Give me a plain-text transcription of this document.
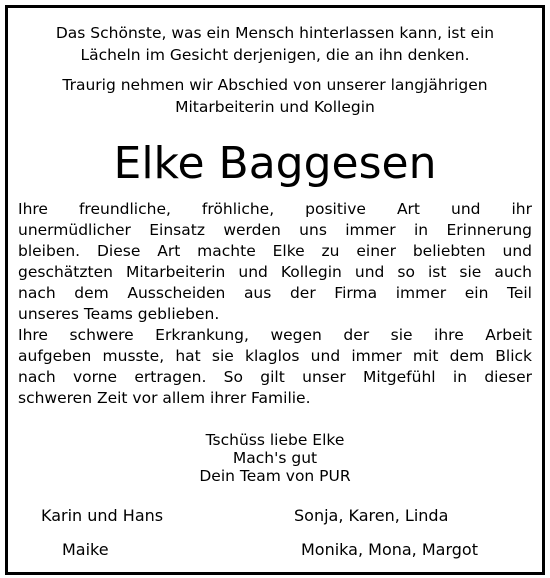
Das Schönste, was ein Mensch hinterlassen kann, ist ein
Lächeln im Gesicht derjenigen, die an ihn denken.
Traurig nehmen wir Abschied von unserer langjährigen
Mitarbeiterin und Kollegin
Elke Baggesen
Ihre freundliche, fröhliche, positive Art und ihr
unermüdlicher Einsatz werden uns immer in Erinnerung
bleiben. Diese Art machte Elke zu einer beliebten und
geschätzten Mitarbeiterin und Kollegin und so ist sie auch
nach dem Ausscheiden aus der Firma immer ein Teil
unseres Teams geblieben.
Ihre schwere Erkrankung, wegen der sie ihre Arbeit
aufgeben musste, hat sie klaglos und immer mit dem Blick
nach vorne ertragen. So gilt unser Mitgefühl in dieser
schweren Zeit vor allem ihrer Familie.
Tschüss liebe Elke
Mach's gut
Dein Team von PUR
Karin und Hans	Sonja, Karen, Linda
Maike	Monika, Mona, Margot
